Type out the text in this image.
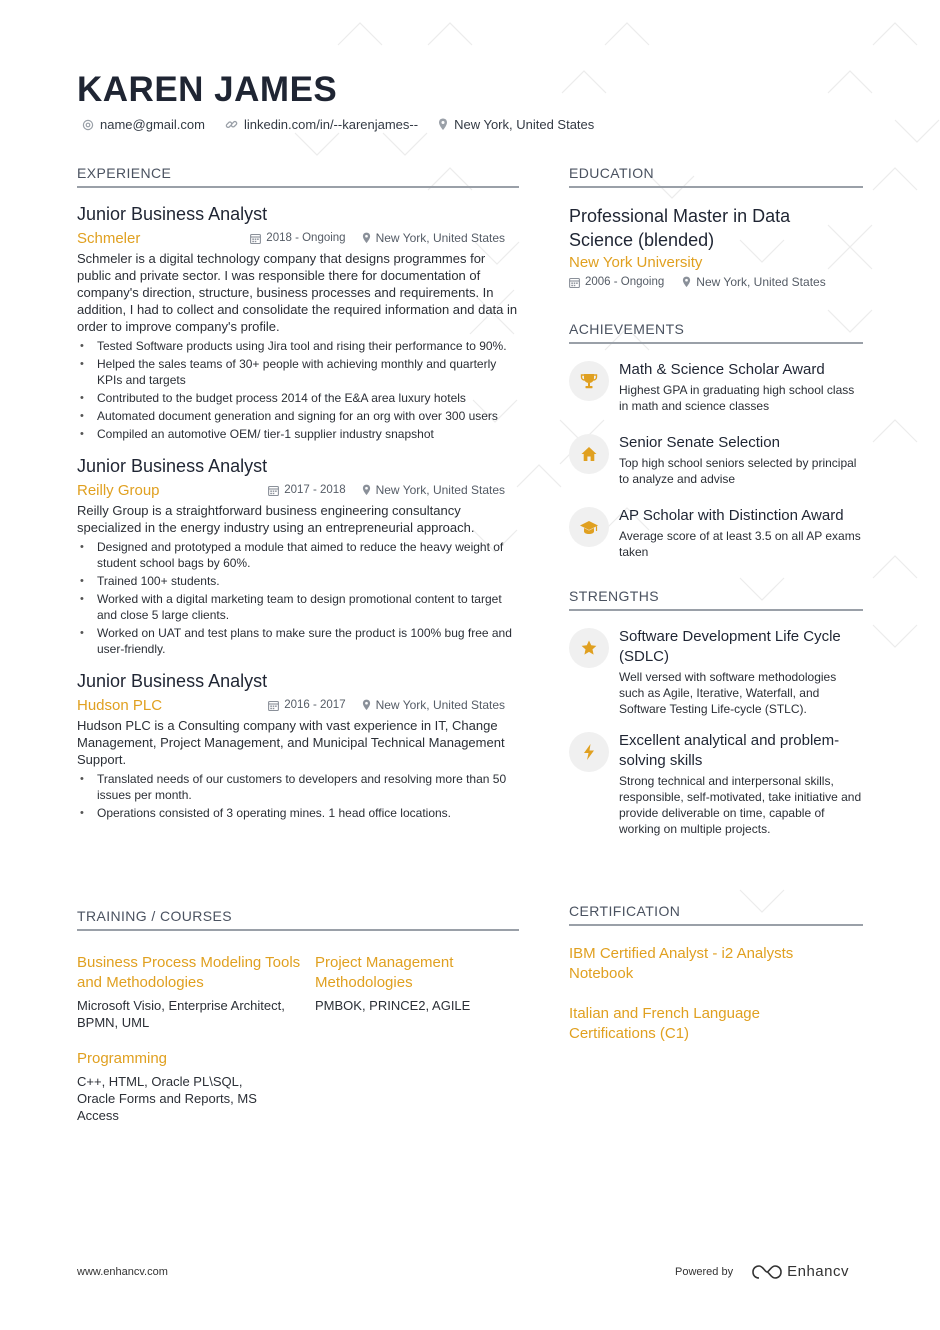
KAREN JAMES
name@gmail.com	linkedin.com/in/--karenjames--	New York, United States
EXPERIENCE
Junior Business Analyst
Schmeler	2018 - Ongoing	New York, United States
Schmeler is a digital technology company that designs programmes for public and private sector. I was responsible there for documentation of company's direction, structure, business processes and requirements. In addition, I had to collect and consolidate the required information and data in order to improve company's profile.
• Tested Software products using Jira tool and rising their performance to 90%.
• Helped the sales teams of 30+ people with achieving monthly and quarterly KPIs and targets
• Contributed to the budget process 2014 of the E&A area luxury hotels
• Automated document generation and signing for an org with over 300 users
• Compiled an automotive OEM/ tier-1 supplier industry snapshot
Junior Business Analyst
Reilly Group	2017 - 2018	New York, United States
Reilly Group is a straightforward business engineering consultancy specialized in the energy industry using an entrepreneurial approach.
• Designed and prototyped a module that aimed to reduce the heavy weight of student school bags by 60%.
• Trained 100+ students.
• Worked with a digital marketing team to design promotional content to target and close 5 large clients.
• Worked on UAT and test plans to make sure the product is 100% bug free and user-friendly.
Junior Business Analyst
Hudson PLC	2016 - 2017	New York, United States
Hudson PLC is a Consulting company with vast experience in IT, Change Management, Project Management, and Municipal Technical Management Support.
• Translated needs of our customers to developers and resolving more than 50 issues per month.
• Operations consisted of 3 operating mines. 1 head office locations.
TRAINING / COURSES
Business Process Modeling Tools and Methodologies
Microsoft Visio, Enterprise Architect, BPMN, UML
Project Management Methodologies
PMBOK, PRINCE2, AGILE
Programming
C++, HTML, Oracle PL\SQL, Oracle Forms and Reports, MS Access
EDUCATION
Professional Master in Data Science (blended)
New York University
2006 - Ongoing	New York, United States
ACHIEVEMENTS
Math & Science Scholar Award
Highest GPA in graduating high school class in math and science classes
Senior Senate Selection
Top high school seniors selected by principal to analyze and advise
AP Scholar with Distinction Award
Average score of at least 3.5 on all AP exams taken
STRENGTHS
Software Development Life Cycle (SDLC)
Well versed with software methodologies such as Agile, Iterative, Waterfall, and Software Testing Life-cycle (STLC).
Excellent analytical and problem-solving skills
Strong technical and interpersonal skills, responsible, self-motivated, take initiative and provide deliverable on time, capable of working on multiple projects.
CERTIFICATION
IBM Certified Analyst - i2 Analysts Notebook
Italian and French Language Certifications (C1)
www.enhancv.com	Powered by	Enhancv
